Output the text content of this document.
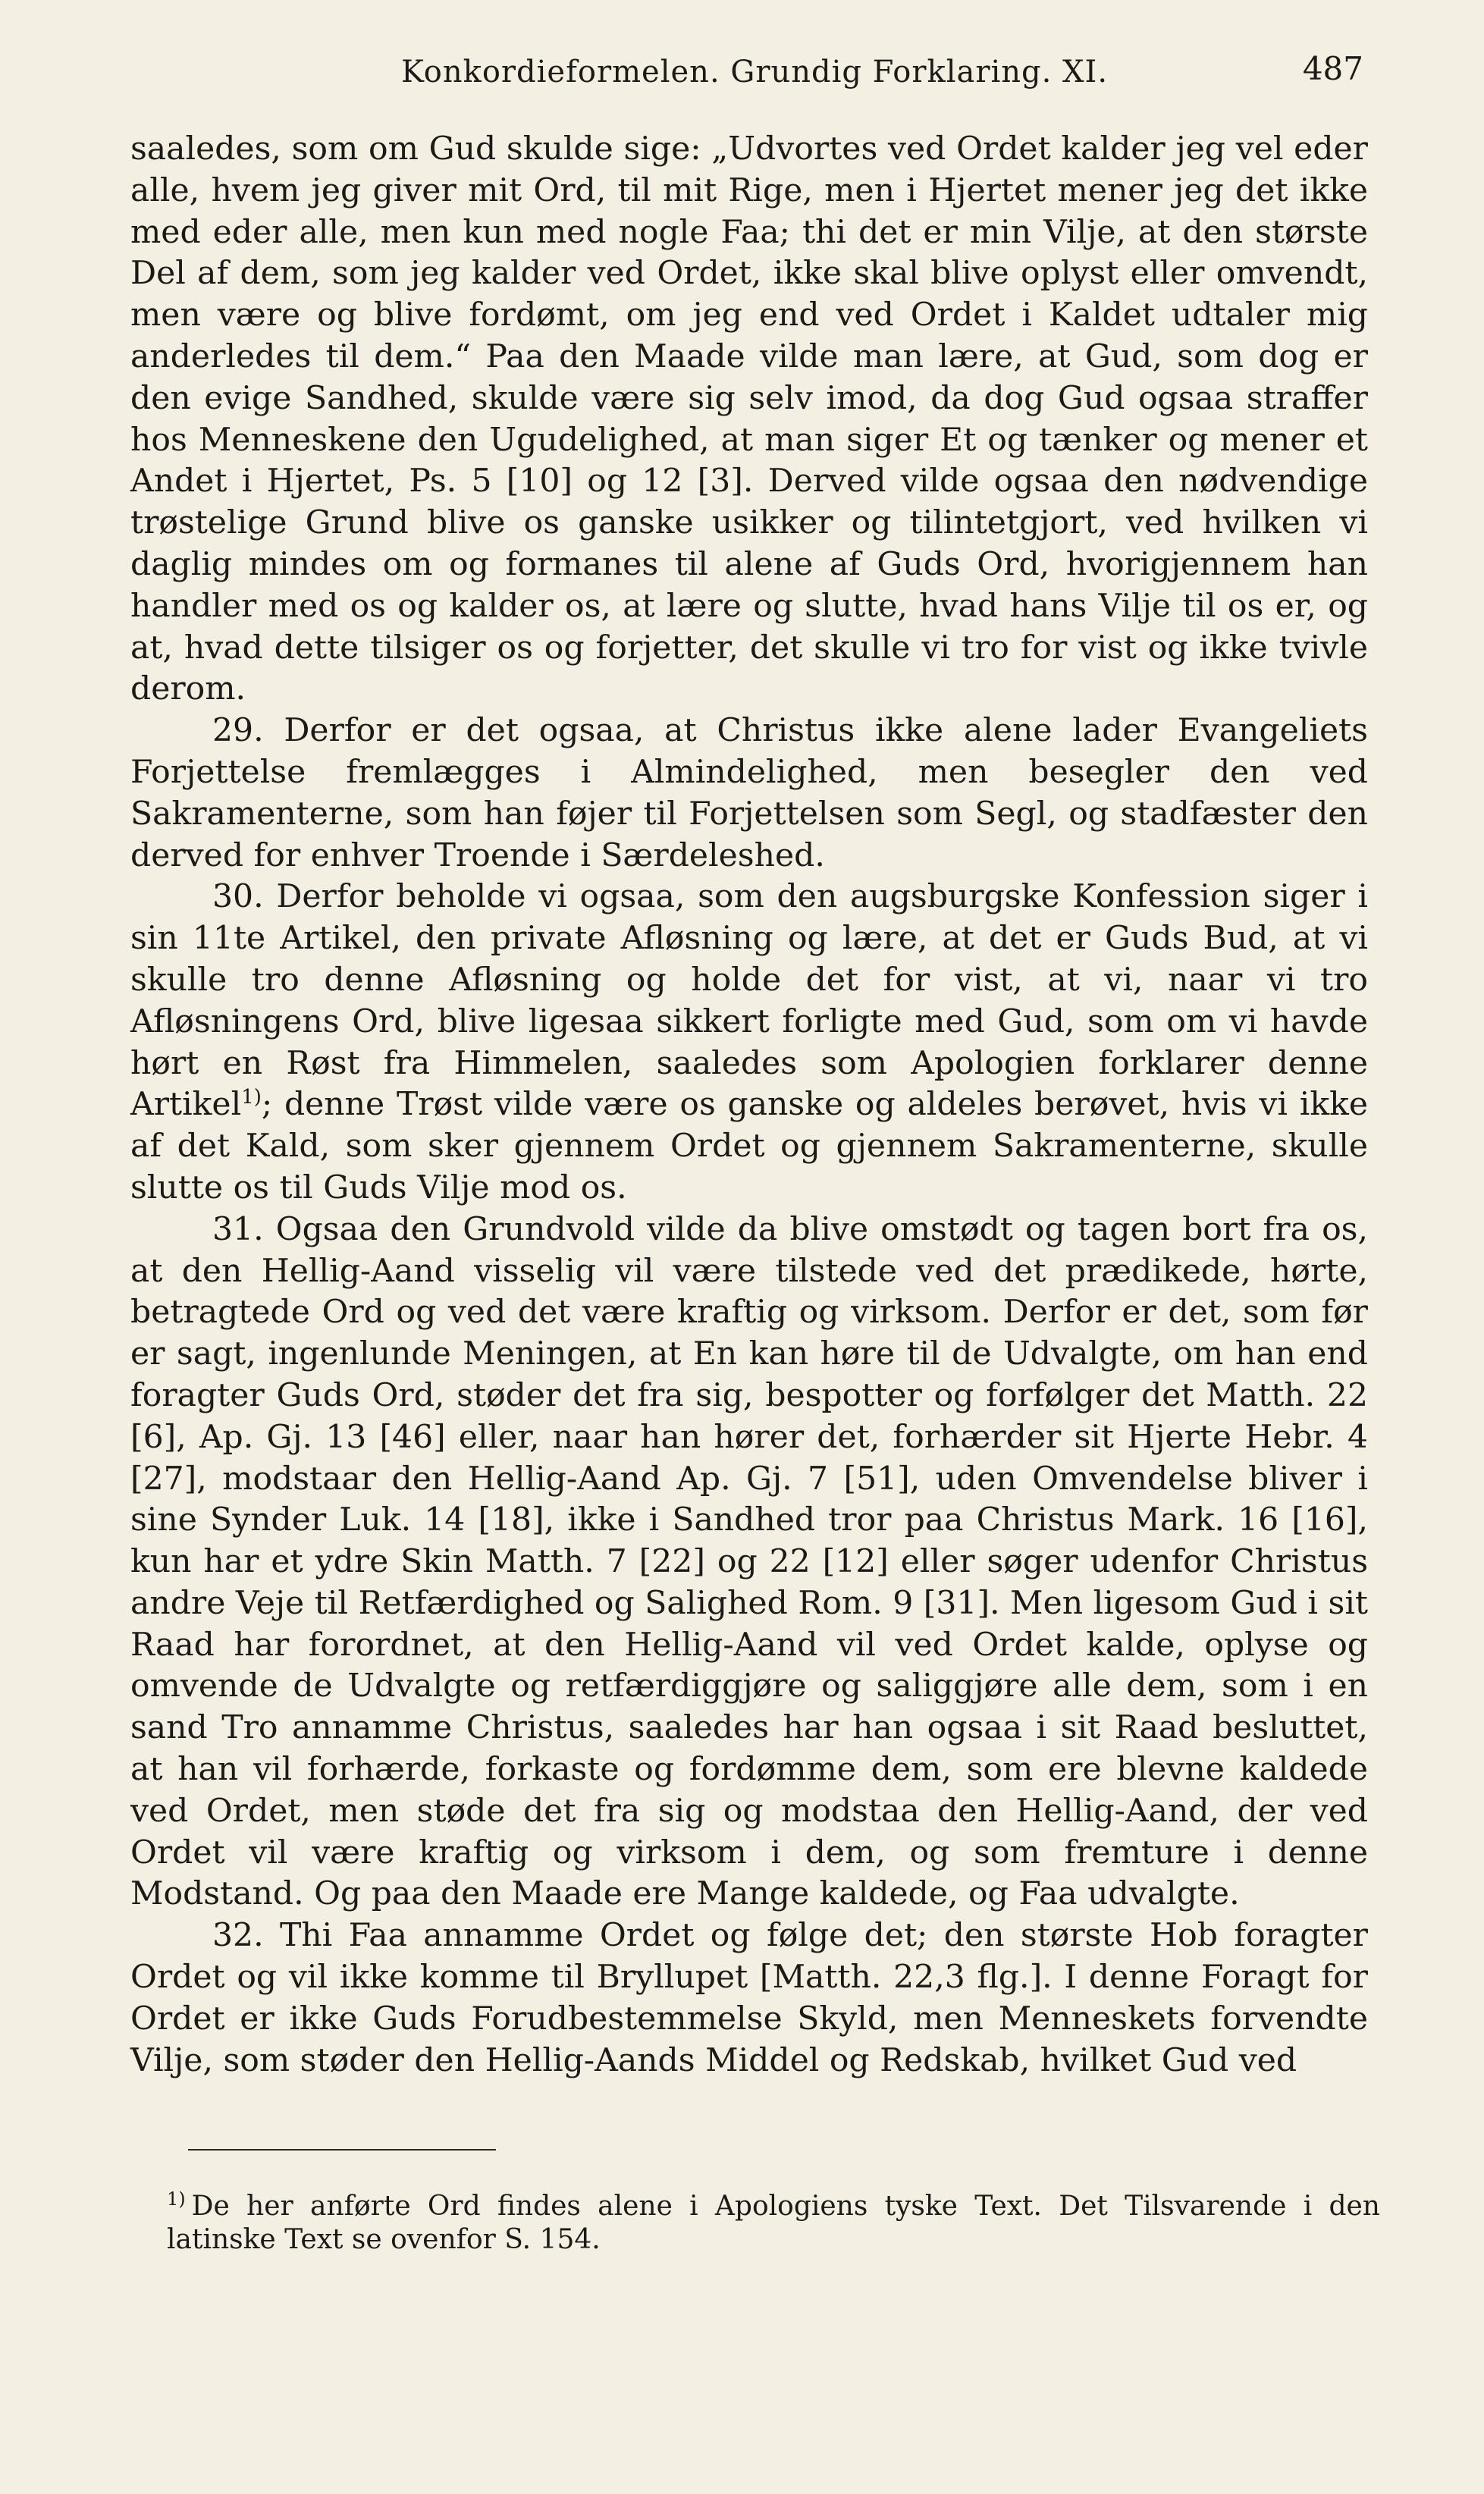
Konkordieformelen. Grundig Forklaring. XI.	487

saaledes, som om Gud skulde sige: „Udvortes ved Ordet kalder jeg vel eder alle, hvem jeg giver mit Ord, til mit Rige, men i Hjertet mener jeg det ikke med eder alle, men kun med nogle Faa; thi det er min Vilje, at den største Del af dem, som jeg kalder ved Ordet, ikke skal blive oplyst eller omvendt, men være og blive fordømt, om jeg end ved Ordet i Kaldet udtaler mig anderledes til dem.“ Paa den Maade vilde man lære, at Gud, som dog er den evige Sandhed, skulde være sig selv imod, da dog Gud ogsaa straffer hos Menneskene den Ugudelighed, at man siger Et og tænker og mener et Andet i Hjertet, Ps. 5 [10] og 12 [3]. Derved vilde ogsaa den nødvendige trøstelige Grund blive os ganske usikker og tilintetgjort, ved hvilken vi daglig mindes om og formanes til alene af Guds Ord, hvorigjennem han handler med os og kalder os, at lære og slutte, hvad hans Vilje til os er, og at, hvad dette tilsiger os og forjetter, det skulle vi tro for vist og ikke tvivle derom.

29. Derfor er det ogsaa, at Christus ikke alene lader Evangeliets Forjettelse fremlægges i Almindelighed, men besegler den ved Sakramenterne, som han føjer til Forjettelsen som Segl, og stadfæster den derved for enhver Troende i Særdeleshed.

30. Derfor beholde vi ogsaa, som den augsburgske Konfession siger i sin 11te Artikel, den private Afløsning og lære, at det er Guds Bud, at vi skulle tro denne Afløsning og holde det for vist, at vi, naar vi tro Afløsningens Ord, blive ligesaa sikkert forligte med Gud, som om vi havde hørt en Røst fra Himmelen, saaledes som Apologien forklarer denne Artikel$^{1)}$; denne Trøst vilde være os ganske og aldeles berøvet, hvis vi ikke af det Kald, som sker gjennem Ordet og gjennem Sakramenterne, skulle slutte os til Guds Vilje mod os.

31. Ogsaa den Grundvold vilde da blive omstødt og tagen bort fra os, at den Hellig-Aand visselig vil være tilstede ved det prædikede, hørte, betragtede Ord og ved det være kraftig og virksom. Derfor er det, som før er sagt, ingenlunde Meningen, at En kan høre til de Udvalgte, om han end foragter Guds Ord, støder det fra sig, bespotter og forfølger det Matth. 22 [6], Ap. Gj. 13 [46] eller, naar han hører det, forhærder sit Hjerte Hebr. 4 [27], modstaar den Hellig-Aand Ap. Gj. 7 [51], uden Omvendelse bliver i sine Synder Luk. 14 [18], ikke i Sandhed tror paa Christus Mark. 16 [16], kun har et ydre Skin Matth. 7 [22] og 22 [12] eller søger udenfor Christus andre Veje til Retfærdighed og Salighed Rom. 9 [31]. Men ligesom Gud i sit Raad har forordnet, at den Hellig-Aand vil ved Ordet kalde, oplyse og omvende de Udvalgte og retfærdiggjøre og saliggjøre alle dem, som i en sand Tro annamme Christus, saaledes har han ogsaa i sit Raad besluttet, at han vil forhærde, forkaste og fordømme dem, som ere blevne kaldede ved Ordet, men støde det fra sig og modstaa den Hellig-Aand, der ved Ordet vil være kraftig og virksom i dem, og som fremture i denne Modstand. Og paa den Maade ere Mange kaldede, og Faa udvalgte.

32. Thi Faa annamme Ordet og følge det; den største Hob foragter Ordet og vil ikke komme til Bryllupet [Matth. 22,3 flg.]. I denne Foragt for Ordet er ikke Guds Forudbestemmelse Skyld, men Menneskets forvendte Vilje, som støder den Hellig-Aands Middel og Redskab, hvilket Gud ved

$^{1)}$ De her anførte Ord findes alene i Apologiens tyske Text. Det Tilsvarende i den latinske Text se ovenfor S. 154.
